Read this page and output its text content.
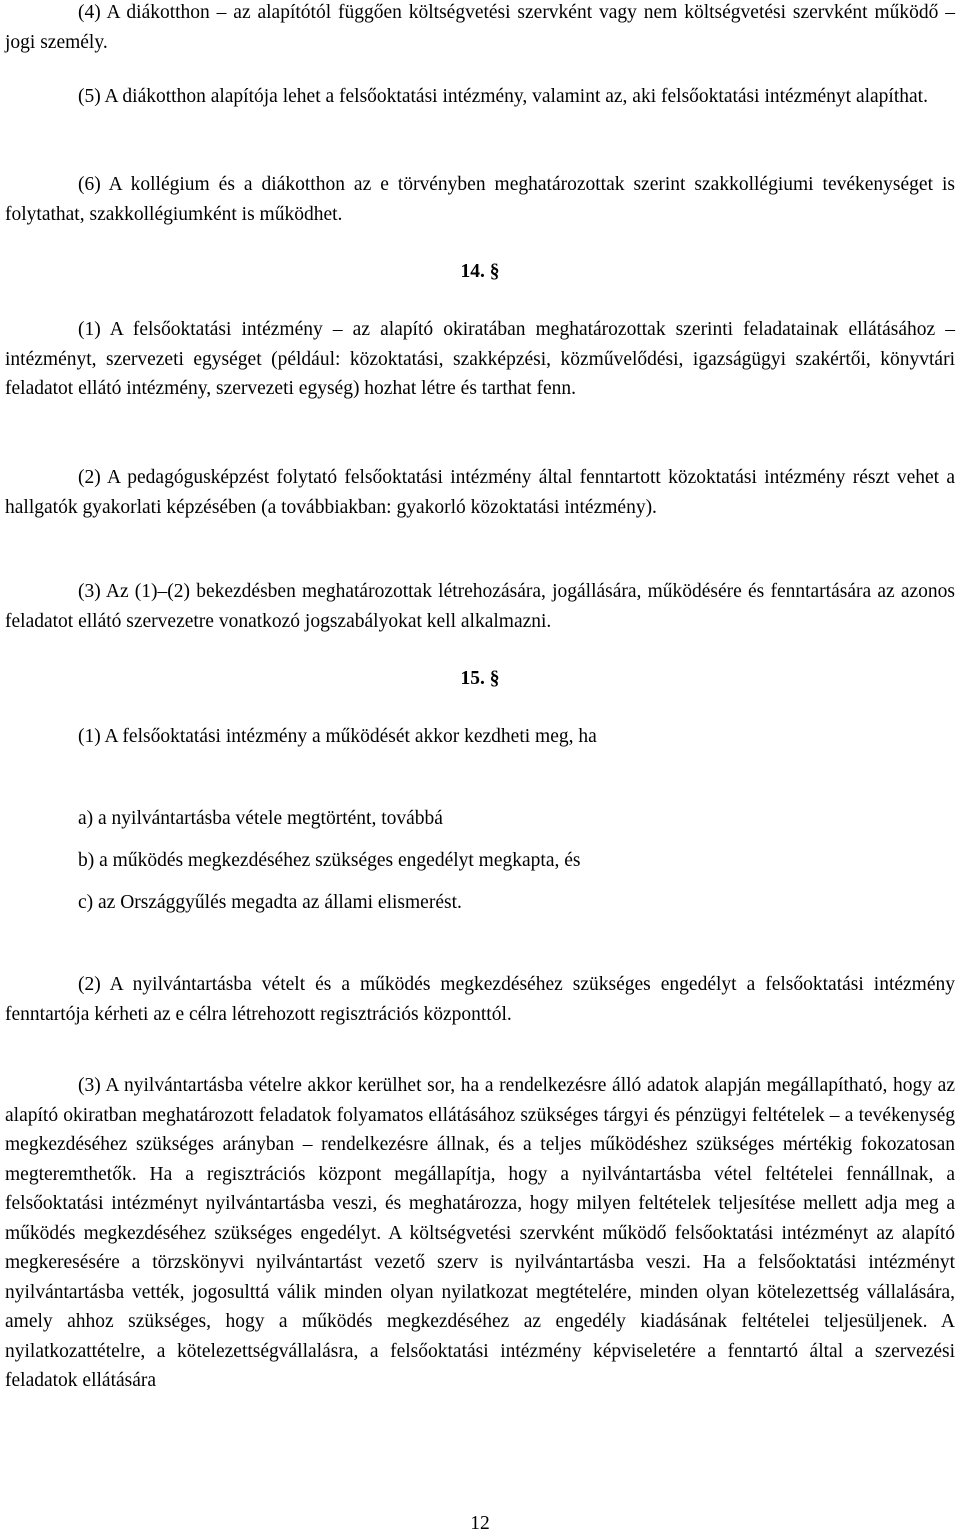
(4) A diákotthon – az alapítótól függően költségvetési szervként vagy nem költségvetési szervként működő – jogi személy.

(5) A diákotthon alapítója lehet a felsőoktatási intézmény, valamint az, aki felsőoktatási intézményt alapíthat.

(6) A kollégium és a diákotthon az e törvényben meghatározottak szerint szakkollégiumi tevékenységet is folytathat, szakkollégiumként is működhet.

14. §

(1) A felsőoktatási intézmény – az alapító okiratában meghatározottak szerinti feladatainak ellátásához – intézményt, szervezeti egységet (például: közoktatási, szakképzési, közművelődési, igazságügyi szakértői, könyvtári feladatot ellátó intézmény, szervezeti egység) hozhat létre és tarthat fenn.

(2) A pedagógusképzést folytató felsőoktatási intézmény által fenntartott közoktatási intézmény részt vehet a hallgatók gyakorlati képzésében (a továbbiakban: gyakorló közoktatási intézmény).

(3) Az (1)–(2) bekezdésben meghatározottak létrehozására, jogállására, működésére és fenntartására az azonos feladatot ellátó szervezetre vonatkozó jogszabályokat kell alkalmazni.

15. §

(1) A felsőoktatási intézmény a működését akkor kezdheti meg, ha

a) a nyilvántartásba vétele megtörtént, továbbá

b) a működés megkezdéséhez szükséges engedélyt megkapta, és

c) az Országgyűlés megadta az állami elismerést.

(2) A nyilvántartásba vételt és a működés megkezdéséhez szükséges engedélyt a felsőoktatási intézmény fenntartója kérheti az e célra létrehozott regisztrációs központtól.

(3) A nyilvántartásba vételre akkor kerülhet sor, ha a rendelkezésre álló adatok alapján megállapítható, hogy az alapító okiratban meghatározott feladatok folyamatos ellátásához szükséges tárgyi és pénzügyi feltételek – a tevékenység megkezdéséhez szükséges arányban – rendelkezésre állnak, és a teljes működéshez szükséges mértékig fokozatosan megteremthetők. Ha a regisztrációs központ megállapítja, hogy a nyilvántartásba vétel feltételei fennállnak, a felsőoktatási intézményt nyilvántartásba veszi, és meghatározza, hogy milyen feltételek teljesítése mellett adja meg a működés megkezdéséhez szükséges engedélyt. A költségvetési szervként működő felsőoktatási intézményt az alapító megkeresésére a törzskönyvi nyilvántartást vezető szerv is nyilvántartásba veszi. Ha a felsőoktatási intézményt nyilvántartásba vették, jogosulttá válik minden olyan nyilatkozat megtételére, minden olyan kötelezettség vállalására, amely ahhoz szükséges, hogy a működés megkezdéséhez az engedély kiadásának feltételei teljesüljenek. A nyilatkozattételre, a kötelezettségvállalásra, a felsőoktatási intézmény képviseletére a fenntartó által a szervezési feladatok ellátására

12
